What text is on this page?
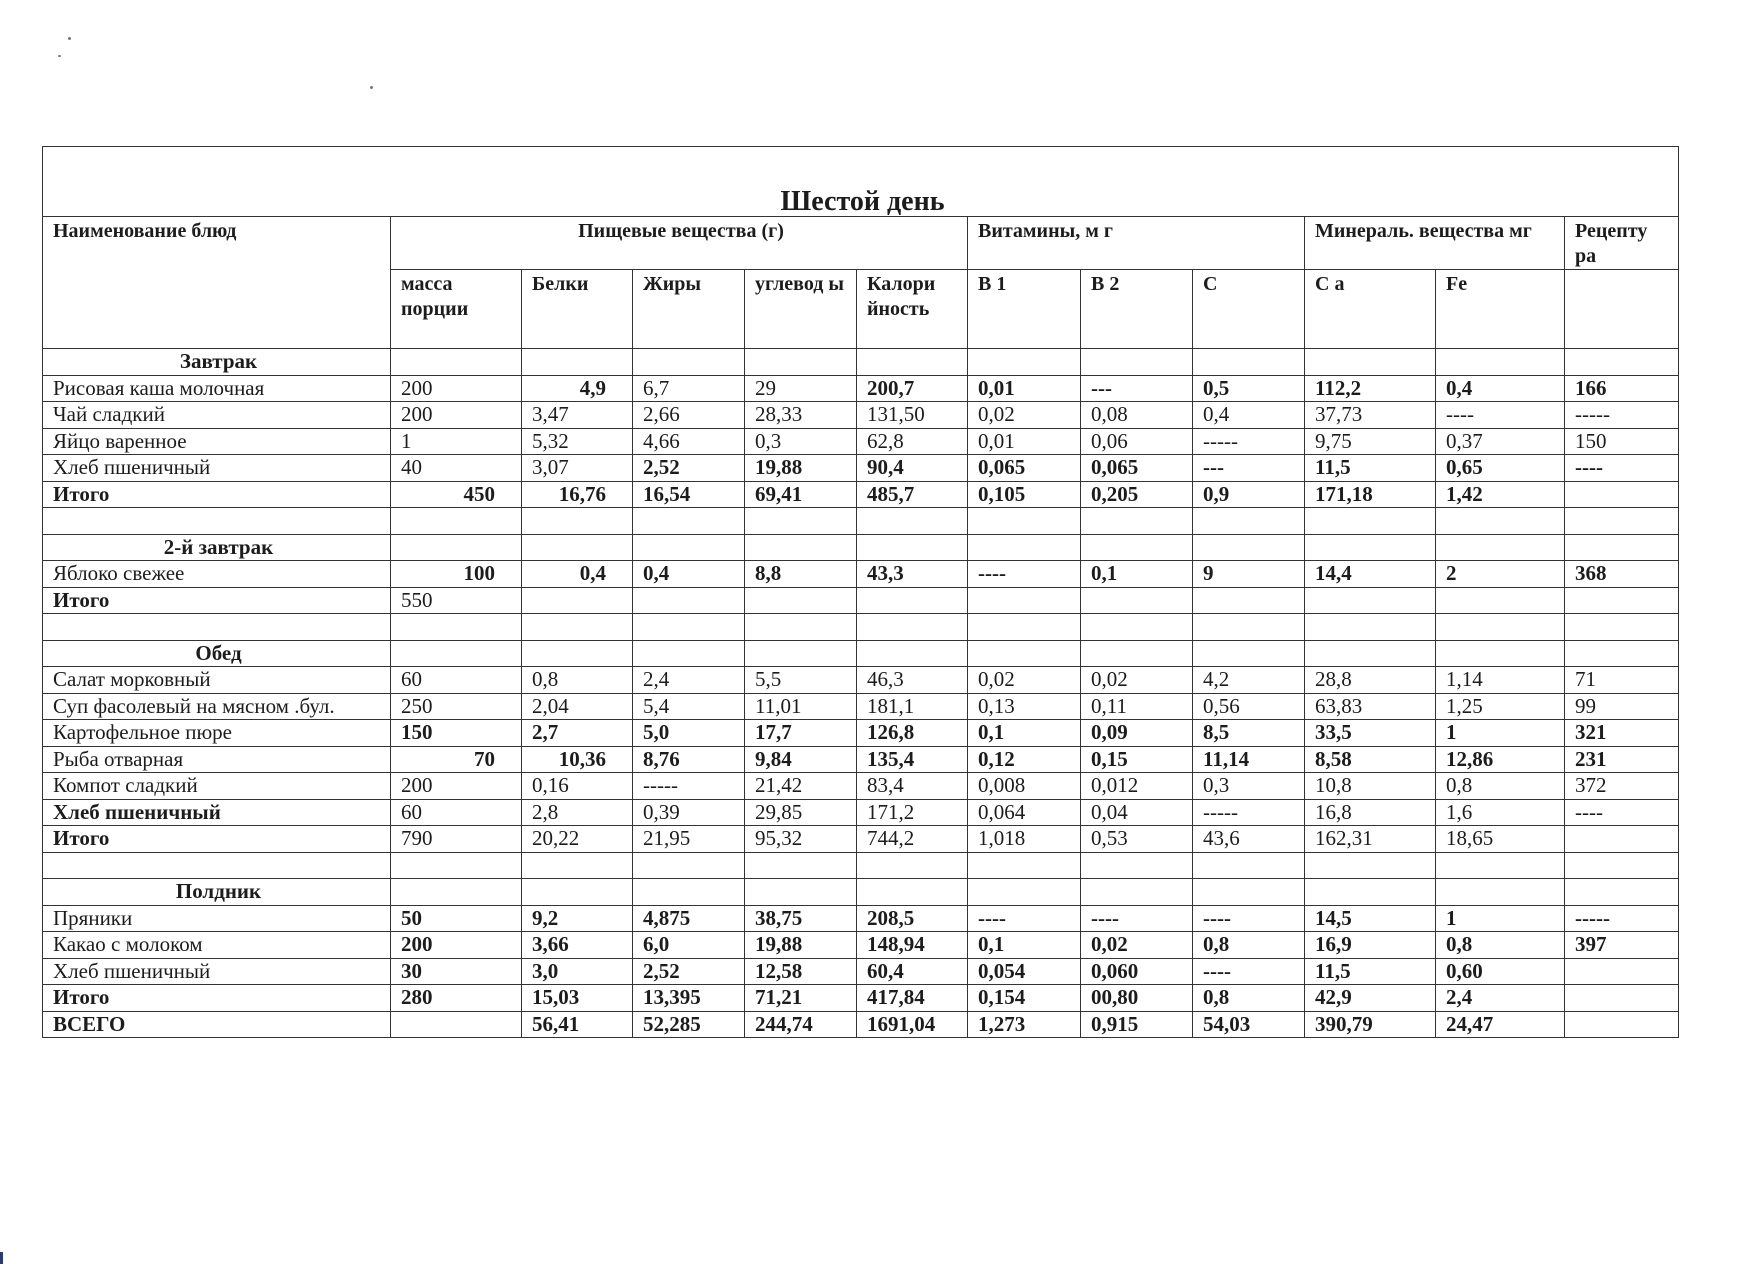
Шестой день											
Наименование блюд	Пищевые вещества (г)					Витамины, м г			Минераль. вещества мг		Рецепту ра
	масса порции	Белки	Жиры	углевод ы	Калори йность	В 1	В 2	С	С а	Fe	
Завтрак											
Рисовая каша молочная	200	4,9	6,7	29	200,7	0,01	---	0,5	112,2	0,4	166
Чай сладкий	200	3,47	2,66	28,33	131,50	0,02	0,08	0,4	37,73	----	-----
Яйцо варенное	1	5,32	4,66	0,3	62,8	0,01	0,06	-----	9,75	0,37	150
Хлеб пшеничный	40	3,07	2,52	19,88	90,4	0,065	0,065	---	11,5	0,65	----
Итого	450	16,76	16,54	69,41	485,7	0,105	0,205	0,9	171,18	1,42	

2-й завтрак											
Яблоко свежее	100	0,4	0,4	8,8	43,3	----	0,1	9	14,4	2	368
Итого	550										

Обед											
Салат морковный	60	0,8	2,4	5,5	46,3	0,02	0,02	4,2	28,8	1,14	71
Суп фасолевый на мясном .бул.	250	2,04	5,4	11,01	181,1	0,13	0,11	0,56	63,83	1,25	99
Картофельное пюре	150	2,7	5,0	17,7	126,8	0,1	0,09	8,5	33,5	1	321
Рыба отварная	70	10,36	8,76	9,84	135,4	0,12	0,15	11,14	8,58	12,86	231
Компот сладкий	200	0,16	-----	21,42	83,4	0,008	0,012	0,3	10,8	0,8	372
Хлеб пшеничный	60	2,8	0,39	29,85	171,2	0,064	0,04	-----	16,8	1,6	----
Итого	790	20,22	21,95	95,32	744,2	1,018	0,53	43,6	162,31	18,65	

Полдник											
Пряники	50	9,2	4,875	38,75	208,5	----	----	----	14,5	1	-----
Какао с молоком	200	3,66	6,0	19,88	148,94	0,1	0,02	0,8	16,9	0,8	397
Хлеб пшеничный	30	3,0	2,52	12,58	60,4	0,054	0,060	----	11,5	0,60	
Итого	280	15,03	13,395	71,21	417,84	0,154	00,80	0,8	42,9	2,4	
ВСЕГО		56,41	52,285	244,74	1691,04	1,273	0,915	54,03	390,79	24,47	
